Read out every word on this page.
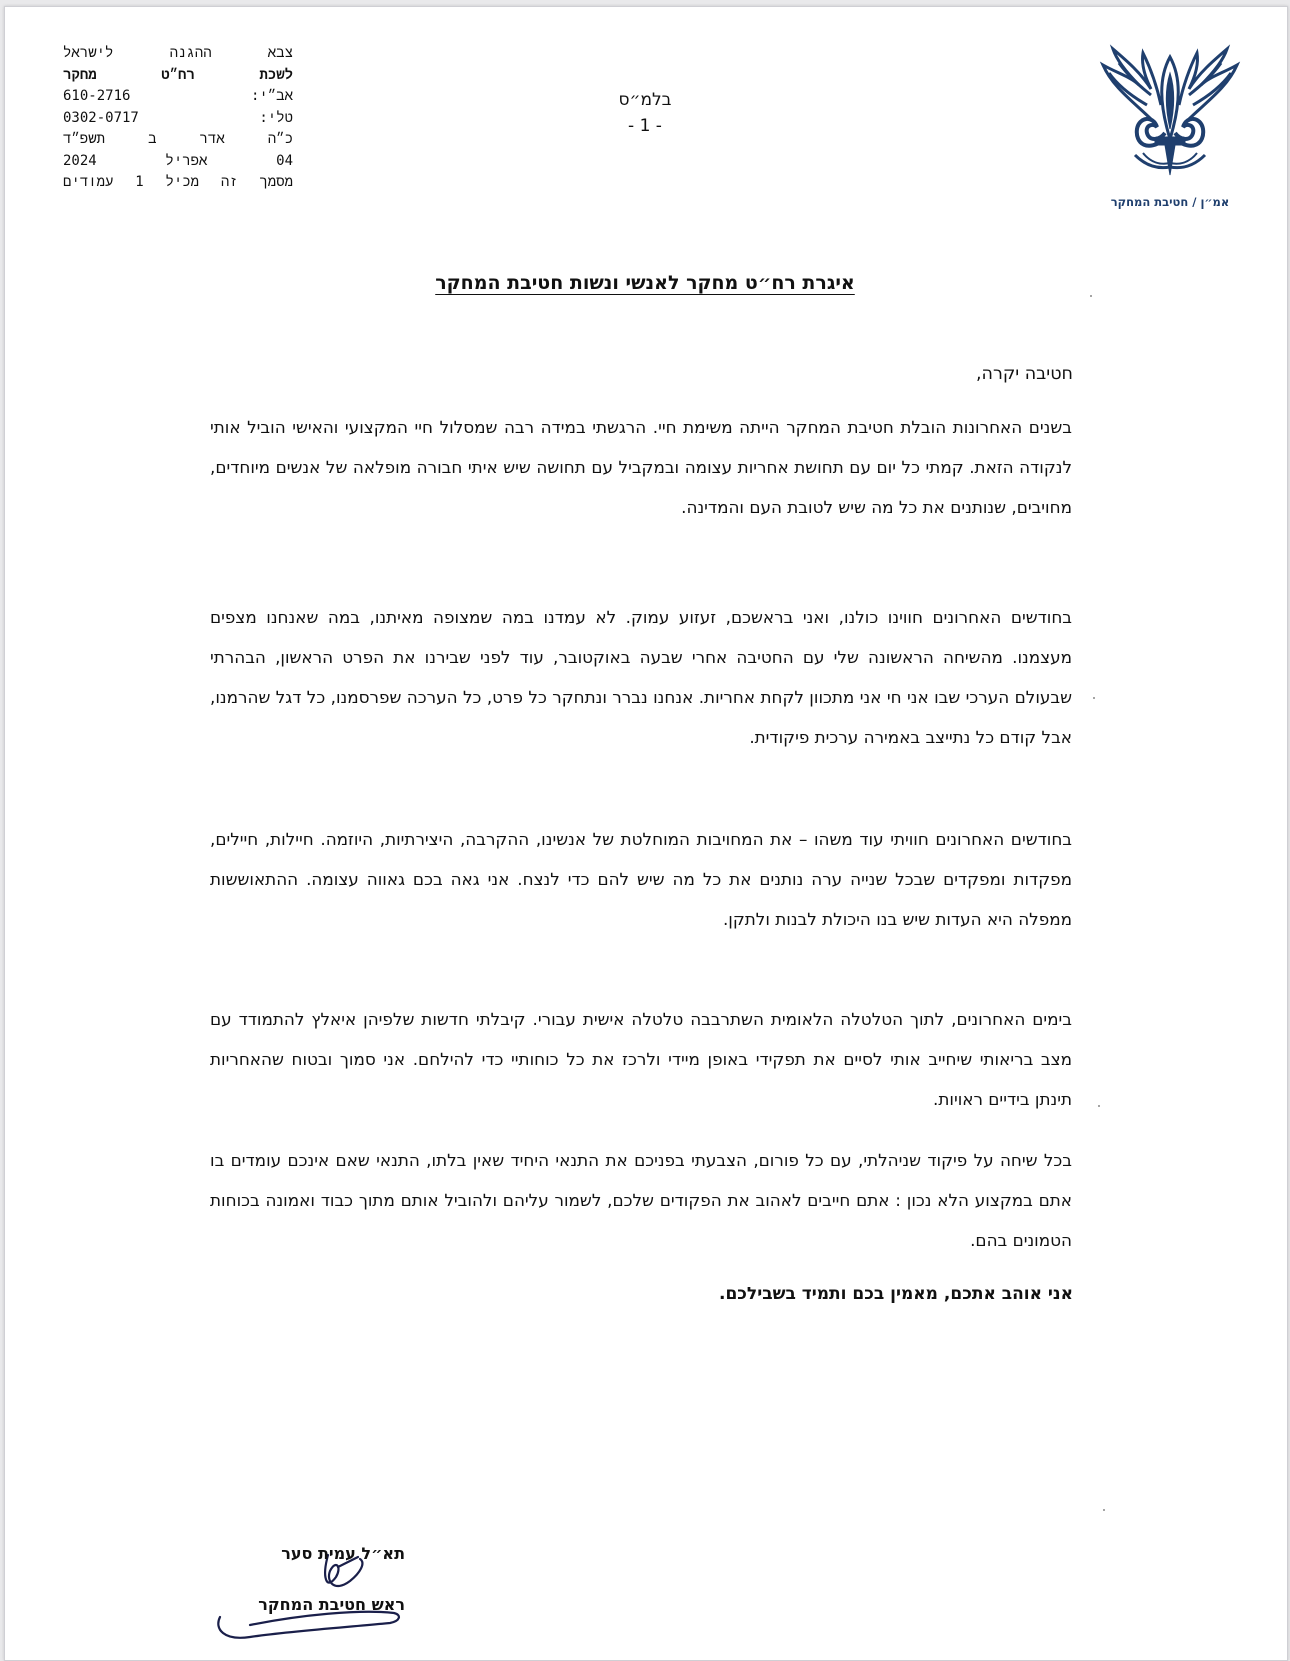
צבא
ההגנה
לישראל
לשכת
רח״ט
מחקר
אב״י:
610-2716
טלי:
0302-0717
כ״ה
אדר
ב
תשפ״ד
04
אפריל
2024
מסמך
זה
מכיל
1
עמודים
בלמ״ס
- 1 -
אמ״ן / חטיבת המחקר
איגרת רח״ט מחקר לאנשי ונשות חטיבת המחקר
חטיבה יקרה,

בשנים האחרונות הובלת חטיבת המחקר הייתה משימת חיי. הרגשתי במידה רבה שמסלול חיי המקצועי והאישי הוביל אותי לנקודה הזאת. קמתי כל יום עם תחושת אחריות עצומה ובמקביל עם תחושה שיש איתי חבורה מופלאה של אנשים מיוחדים, מחויבים, שנותנים את כל מה שיש לטובת העם והמדינה.

בחודשים האחרונים חווינו כולנו, ואני בראשכם, זעזוע עמוק. לא עמדנו במה שמצופה מאיתנו, במה שאנחנו מצפים מעצמנו. מהשיחה הראשונה שלי עם החטיבה אחרי שבעה באוקטובר, עוד לפני שבירנו את הפרט הראשון, הבהרתי שבעולם הערכי שבו אני חי אני מתכוון לקחת אחריות. אנחנו נברר ונתחקר כל פרט, כל הערכה שפרסמנו, כל דגל שהרמנו, אבל קודם כל נתייצב באמירה ערכית פיקודית.

בחודשים האחרונים חוויתי עוד משהו – את המחויבות המוחלטת של אנשינו, ההקרבה, היצירתיות, היוזמה. חיילות, חיילים, מפקדות ומפקדים שבכל שנייה ערה נותנים את כל מה שיש להם כדי לנצח. אני גאה בכם גאווה עצומה. ההתאוששות ממפלה היא העדות שיש בנו היכולת לבנות ולתקן.

בימים האחרונים, לתוך הטלטלה הלאומית השתרבבה טלטלה אישית עבורי. קיבלתי חדשות שלפיהן איאלץ להתמודד עם מצב בריאותי שיחייב אותי לסיים את תפקידי באופן מיידי ולרכז את כל כוחותיי כדי להילחם. אני סמוך ובטוח שהאחריות תינתן בידיים ראויות.

בכל שיחה על פיקוד שניהלתי, עם כל פורום, הצבעתי בפניכם את התנאי היחיד שאין בלתו, התנאי שאם אינכם עומדים בו אתם במקצוע הלא נכון : אתם חייבים לאהוב את הפקודים שלכם, לשמור עליהם ולהוביל אותם מתוך כבוד ואמונה בכוחות הטמונים בהם.

אני אוהב אתכם, מאמין בכם ותמיד בשבילכם.
תא״ל עמית סער
ראש חטיבת המחקר
